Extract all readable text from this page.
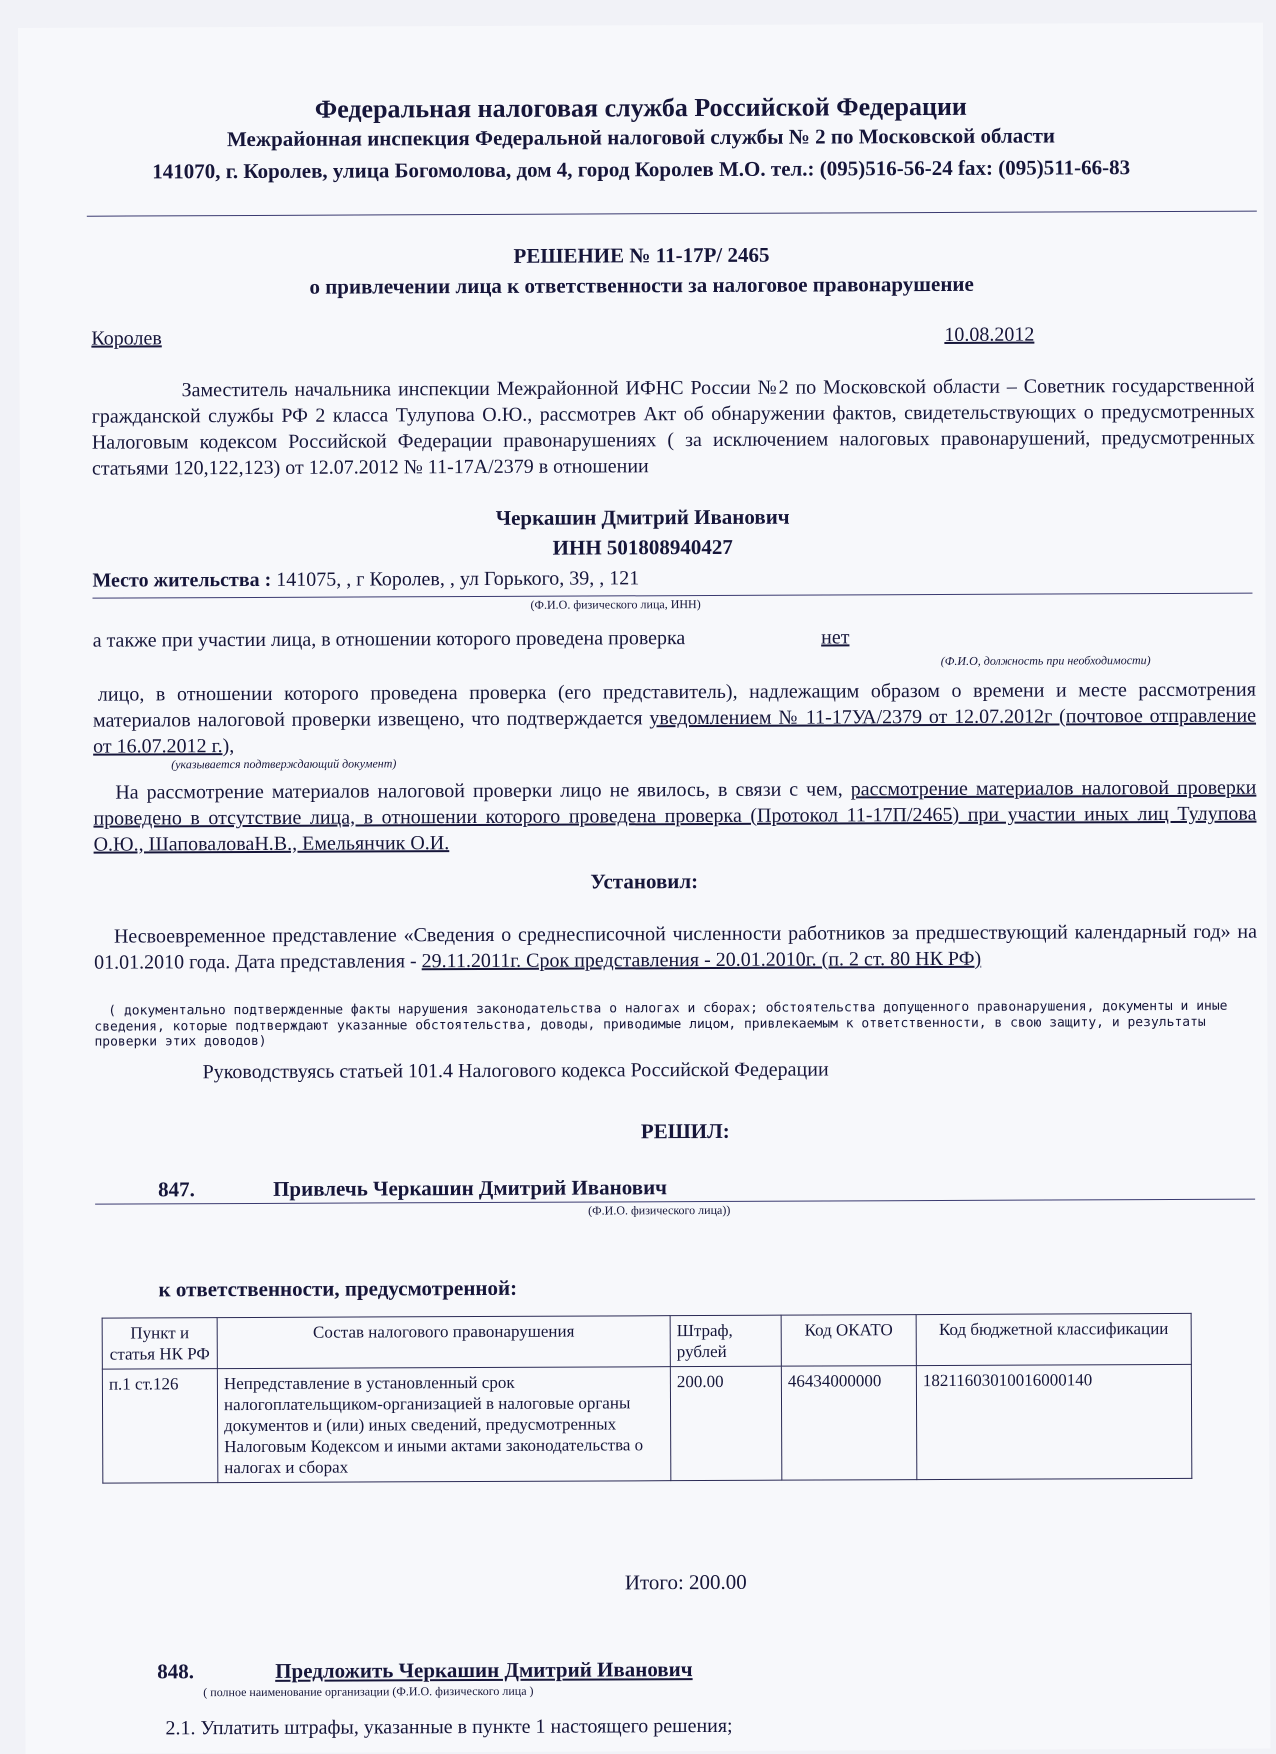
Федеральная налоговая служба Российской Федерации
Межрайонная инспекция Федеральной налоговой службы № 2 по Московской области
141070, г. Королев, улица Богомолова, дом 4, город Королев М.О. тел.: (095)516-56-24 fax: (095)511-66-83
РЕШЕНИЕ № 11-17Р/ 2465
о привлечении лица к ответственности за налоговое правонарушение
Королев	10.08.2012
Заместитель начальника инспекции Межрайонной ИФНС России №2 по Московской области – Советник государственной гражданской службы РФ 2 класса Тулупова О.Ю., рассмотрев Акт об обнаружении фактов, свидетельствующих о предусмотренных Налоговым кодексом Российской Федерации правонарушениях ( за исключением налоговых правонарушений, предусмотренных статьями 120,122,123) от 12.07.2012 № 11-17А/2379 в отношении
Черкашин Дмитрий Иванович
ИНН 501808940427
Место жительства : 141075, , г Королев, , ул Горького, 39, , 121
(Ф.И.О. физического лица, ИНН)
а также при участии лица, в отношении которого проведена проверка	нет
(Ф.И.О, должность при необходимости)
лицо, в отношении которого проведена проверка (его представитель), надлежащим образом о времени и месте рассмотрения материалов налоговой проверки извещено, что подтверждается уведомлением № 11-17УА/2379 от 12.07.2012г (почтовое отправление от 16.07.2012 г.),
(указывается подтверждающий документ)
На рассмотрение материалов налоговой проверки лицо не явилось, в связи с чем, рассмотрение материалов налоговой проверки проведено в отсутствие лица, в отношении которого проведена проверка (Протокол 11-17П/2465) при участии иных лиц Тулупова О.Ю., ШаповаловаН.В., Емельянчик О.И.
Установил:
Несвоевременное представление «Сведения о среднесписочной численности работников за предшествующий календарный год» на 01.01.2010 года. Дата представления - 29.11.2011г. Срок представления - 20.01.2010г. (п. 2 ст. 80 НК РФ)
( документально подтвержденные факты нарушения законодательства о налогах и сборах; обстоятельства допущенного правонарушения, документы и иные сведения, которые подтверждают указанные обстоятельства, доводы, приводимые лицом, привлекаемым к ответственности, в свою защиту, и результаты проверки этих доводов)
Руководствуясь статьей 101.4 Налогового кодекса Российской Федерации
РЕШИЛ:
847.	Привлечь Черкашин Дмитрий Иванович
(Ф.И.О. физического лица))
к ответственности, предусмотренной:
Пункт и статья НК РФ	Состав налогового правонарушения	Штраф, рублей	Код ОКАТО	Код бюджетной классификации
п.1 ст.126	Непредставление в установленный срок налогоплательщиком-организацией в налоговые органы документов и (или) иных сведений, предусмотренных Налоговым Кодексом и иными актами законодательства о налогах и сборах	200.00	46434000000	18211603010016000140
Итого: 200.00
848.	Предложить Черкашин Дмитрий Иванович
( полное наименование организации (Ф.И.О. физического лица )
2.1. Уплатить штрафы, указанные в пункте 1 настоящего решения;
